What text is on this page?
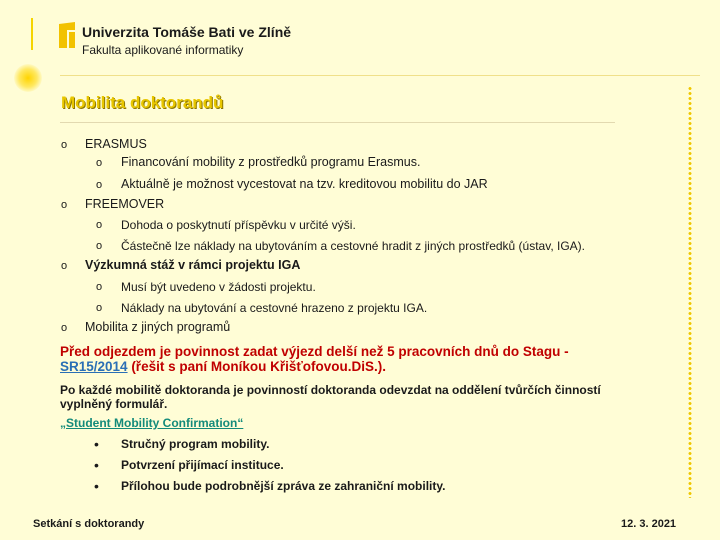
Univerzita Tomáše Bati ve Zlíně
Fakulta aplikované informatiky
Mobilita doktorandů
o ERASMUS
o Financování mobility z prostředků programu Erasmus.
o Aktuálně je možnost vycestovat na tzv. kreditovou mobilitu do JAR
o FREEMOVER
o Dohoda o poskytnutí příspěvku v určité výši.
o Částečně lze náklady na ubytováním a cestovné hradit z jiných prostředků (ústav, IGA).
o Výzkumná stáž v rámci projektu IGA
o Musí být uvedeno v žádosti projektu.
o Náklady na ubytování a cestovné hrazeno z projektu IGA.
o Mobilita z jiných programů
Před odjezdem je povinnost zadat výjezd delší než 5 pracovních dnů do Stagu - SR15/2014 (řešit s paní Moníkou Křišťofovou.DiS.).
Po každé mobilitě doktoranda je povinností doktoranda odevzdat na oddělení tvůrčích činností vyplněný formulář.
„Student Mobility Confirmation“
• Stručný program mobility.
• Potvrzení přijímací instituce.
• Přílohou bude podrobnější zpráva ze zahraniční mobility.
Setkání s doktorandy	12. 3. 2021
